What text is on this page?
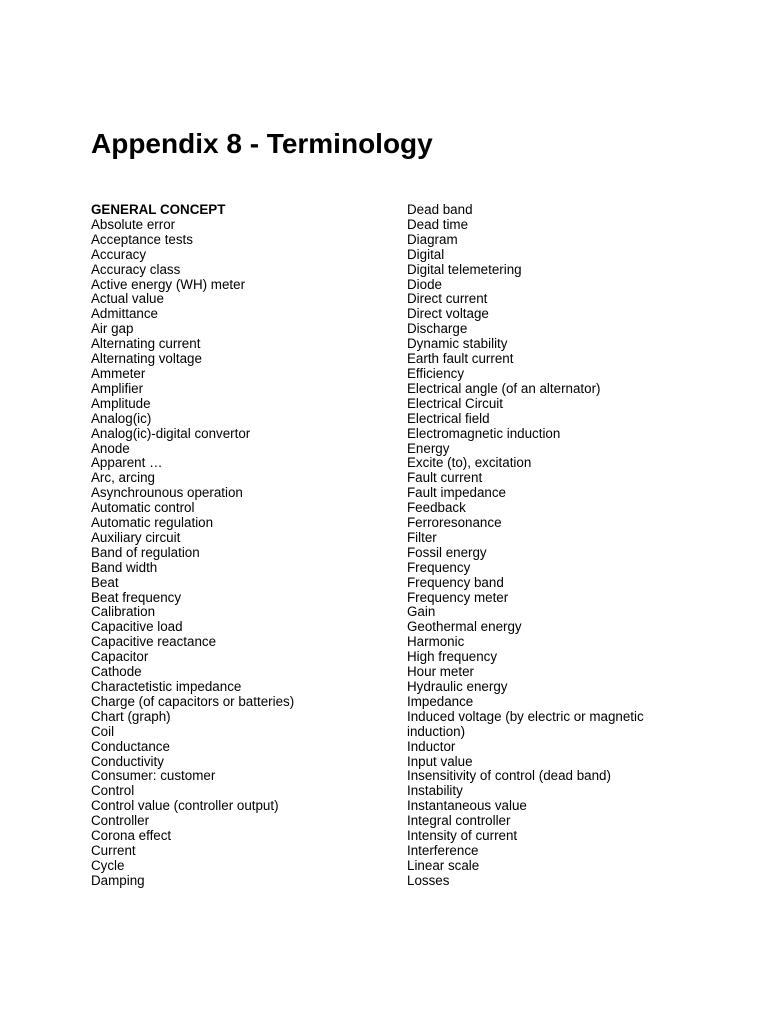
Appendix 8 - Terminology
GENERAL CONCEPT
Absolute error
Acceptance tests
Accuracy
Accuracy class
Active energy (WH) meter
Actual value
Admittance
Air gap
Alternating current
Alternating voltage
Ammeter
Amplifier
Amplitude
Analog(ic)
Analog(ic)-digital convertor
Anode
Apparent …
Arc, arcing
Asynchrounous operation
Automatic control
Automatic regulation
Auxiliary circuit
Band of regulation
Band width
Beat
Beat frequency
Calibration
Capacitive load
Capacitive reactance
Capacitor
Cathode
Charactetistic impedance
Charge (of capacitors or batteries)
Chart (graph)
Coil
Conductance
Conductivity
Consumer: customer
Control
Control value (controller output)
Controller
Corona effect
Current
Cycle
Damping
Dead band
Dead time
Diagram
Digital
Digital telemetering
Diode
Direct current
Direct voltage
Discharge
Dynamic stability
Earth fault current
Efficiency
Electrical angle (of an alternator)
Electrical Circuit
Electrical field
Electromagnetic induction
Energy
Excite (to), excitation
Fault current
Fault impedance
Feedback
Ferroresonance
Filter
Fossil energy
Frequency
Frequency band
Frequency meter
Gain
Geothermal energy
Harmonic
High frequency
Hour meter
Hydraulic energy
Impedance
Induced voltage (by electric or magnetic induction)
Inductor
Input value
Insensitivity of control (dead band)
Instability
Instantaneous value
Integral controller
Intensity of current
Interference
Linear scale
Losses
